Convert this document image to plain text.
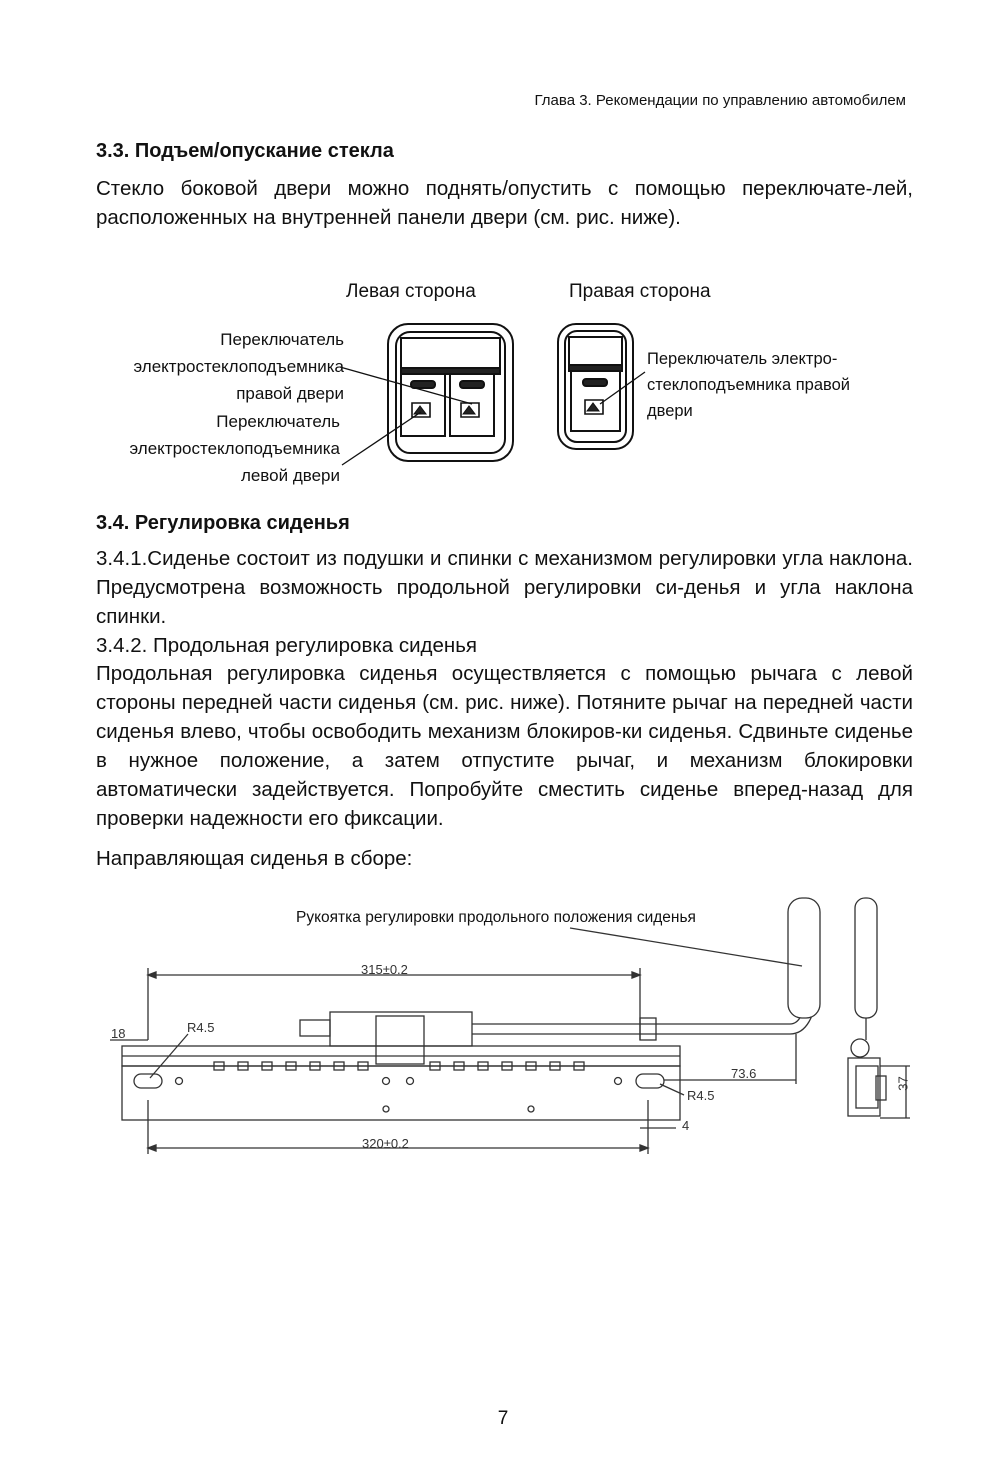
Глава 3. Рекомендации по управлению автомобилем
3.3. Подъем/опускание стекла

Стекло боковой двери можно поднять/опустить с помощью переключате-лей, расположенных на внутренней панели двери (см. рис. ниже).

Левая сторона	Правая сторона

Переключатель электростеклоподъемника правой двери

Переключатель электростеклоподъемника левой двери

Переключатель электро-стеклоподъемника правой двери

3.4. Регулировка сиденья

3.4.1.Сиденье состоит из подушки и спинки с механизмом регулировки угла наклона. Предусмотрена возможность продольной регулировки си-денья и угла наклона спинки.

3.4.2. Продольная регулировка сиденья

Продольная регулировка сиденья осуществляется с помощью рычага с левой стороны передней части сиденья (см. рис. ниже). Потяните рычаг на передней части сиденья влево, чтобы освободить механизм блокиров-ки сиденья. Сдвиньте сиденье в нужное положение, а затем отпустите рычаг, и механизм блокировки автоматически задействуется. Попробуйте сместить сиденье вперед-назад для проверки надежности его фиксации.

Направляющая сиденья в сборе:

Рукоятка регулировки продольного положения сиденья
315±0.2
320±0.2
18	R4.5
R4.5
73.6
4
37
7
